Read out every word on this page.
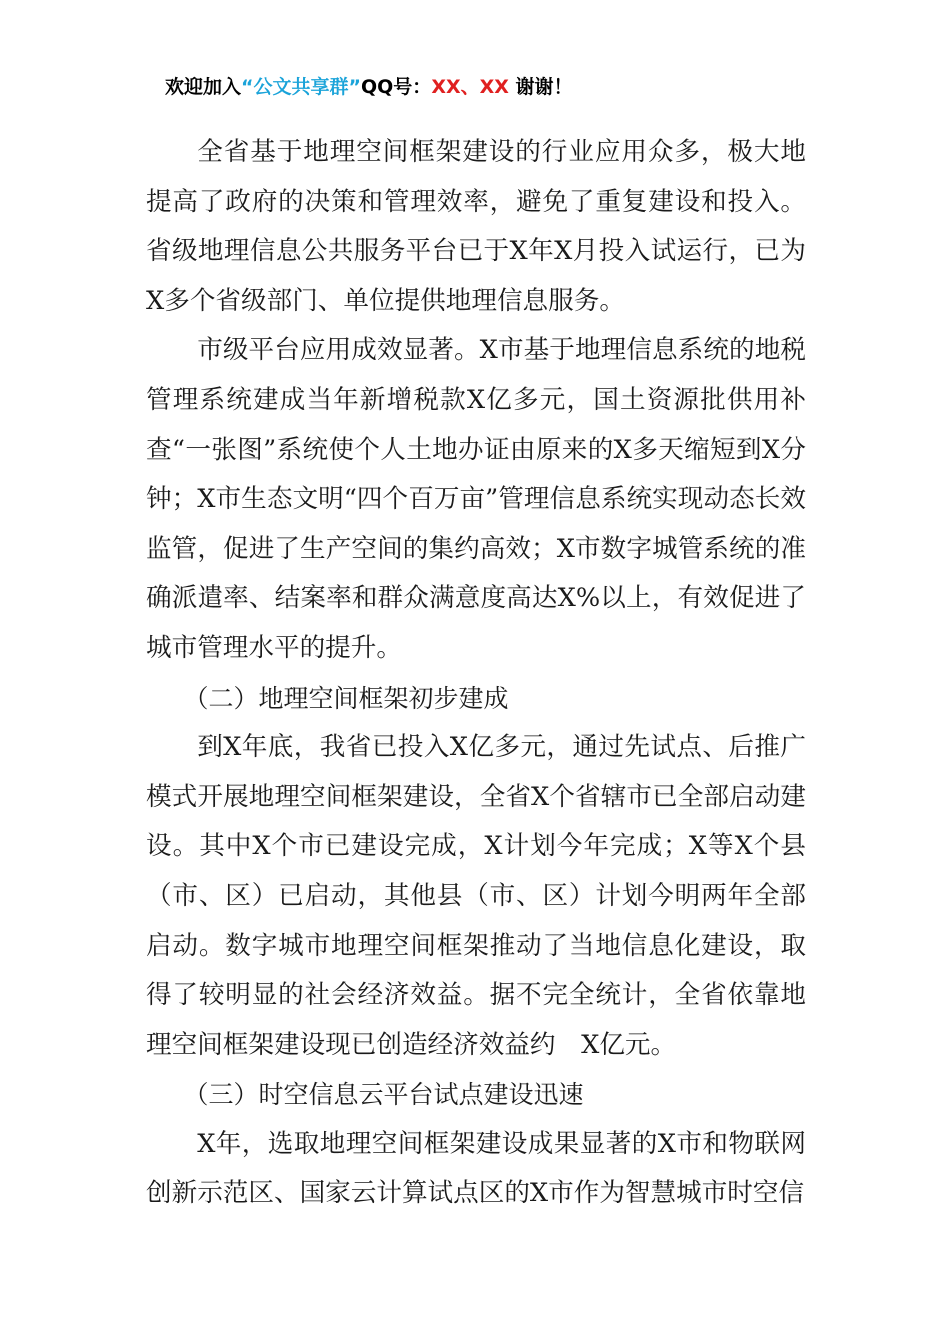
欢迎加入“公文共享群”QQ号：XX、XX 谢谢！

全省基于地理空间框架建设的行业应用众多，极大地提高了政府的决策和管理效率，避免了重复建设和投入。省级地理信息公共服务平台已于X年X月投入试运行，已为X多个省级部门、单位提供地理信息服务。

市级平台应用成效显著。X市基于地理信息系统的地税管理系统建成当年新增税款X亿多元，国土资源批供用补查“一张图”系统使个人土地办证由原来的X多天缩短到X分钟；X市生态文明“四个百万亩”管理信息系统实现动态长效监管，促进了生产空间的集约高效；X市数字城管系统的准确派遣率、结案率和群众满意度高达X%以上，有效促进了城市管理水平的提升。

（二）地理空间框架初步建成

到X年底，我省已投入X亿多元，通过先试点、后推广模式开展地理空间框架建设，全省X个省辖市已全部启动建设。其中X个市已建设完成，X计划今年完成；X等X个县（市、区）已启动，其他县（市、区）计划今明两年全部启动。数字城市地理空间框架推动了当地信息化建设，取得了较明显的社会经济效益。据不完全统计，全省依靠地理空间框架建设现已创造经济效益约　X亿元。

（三）时空信息云平台试点建设迅速

X年，选取地理空间框架建设成果显著的X市和物联网创新示范区、国家云计算试点区的X市作为智慧城市时空信
